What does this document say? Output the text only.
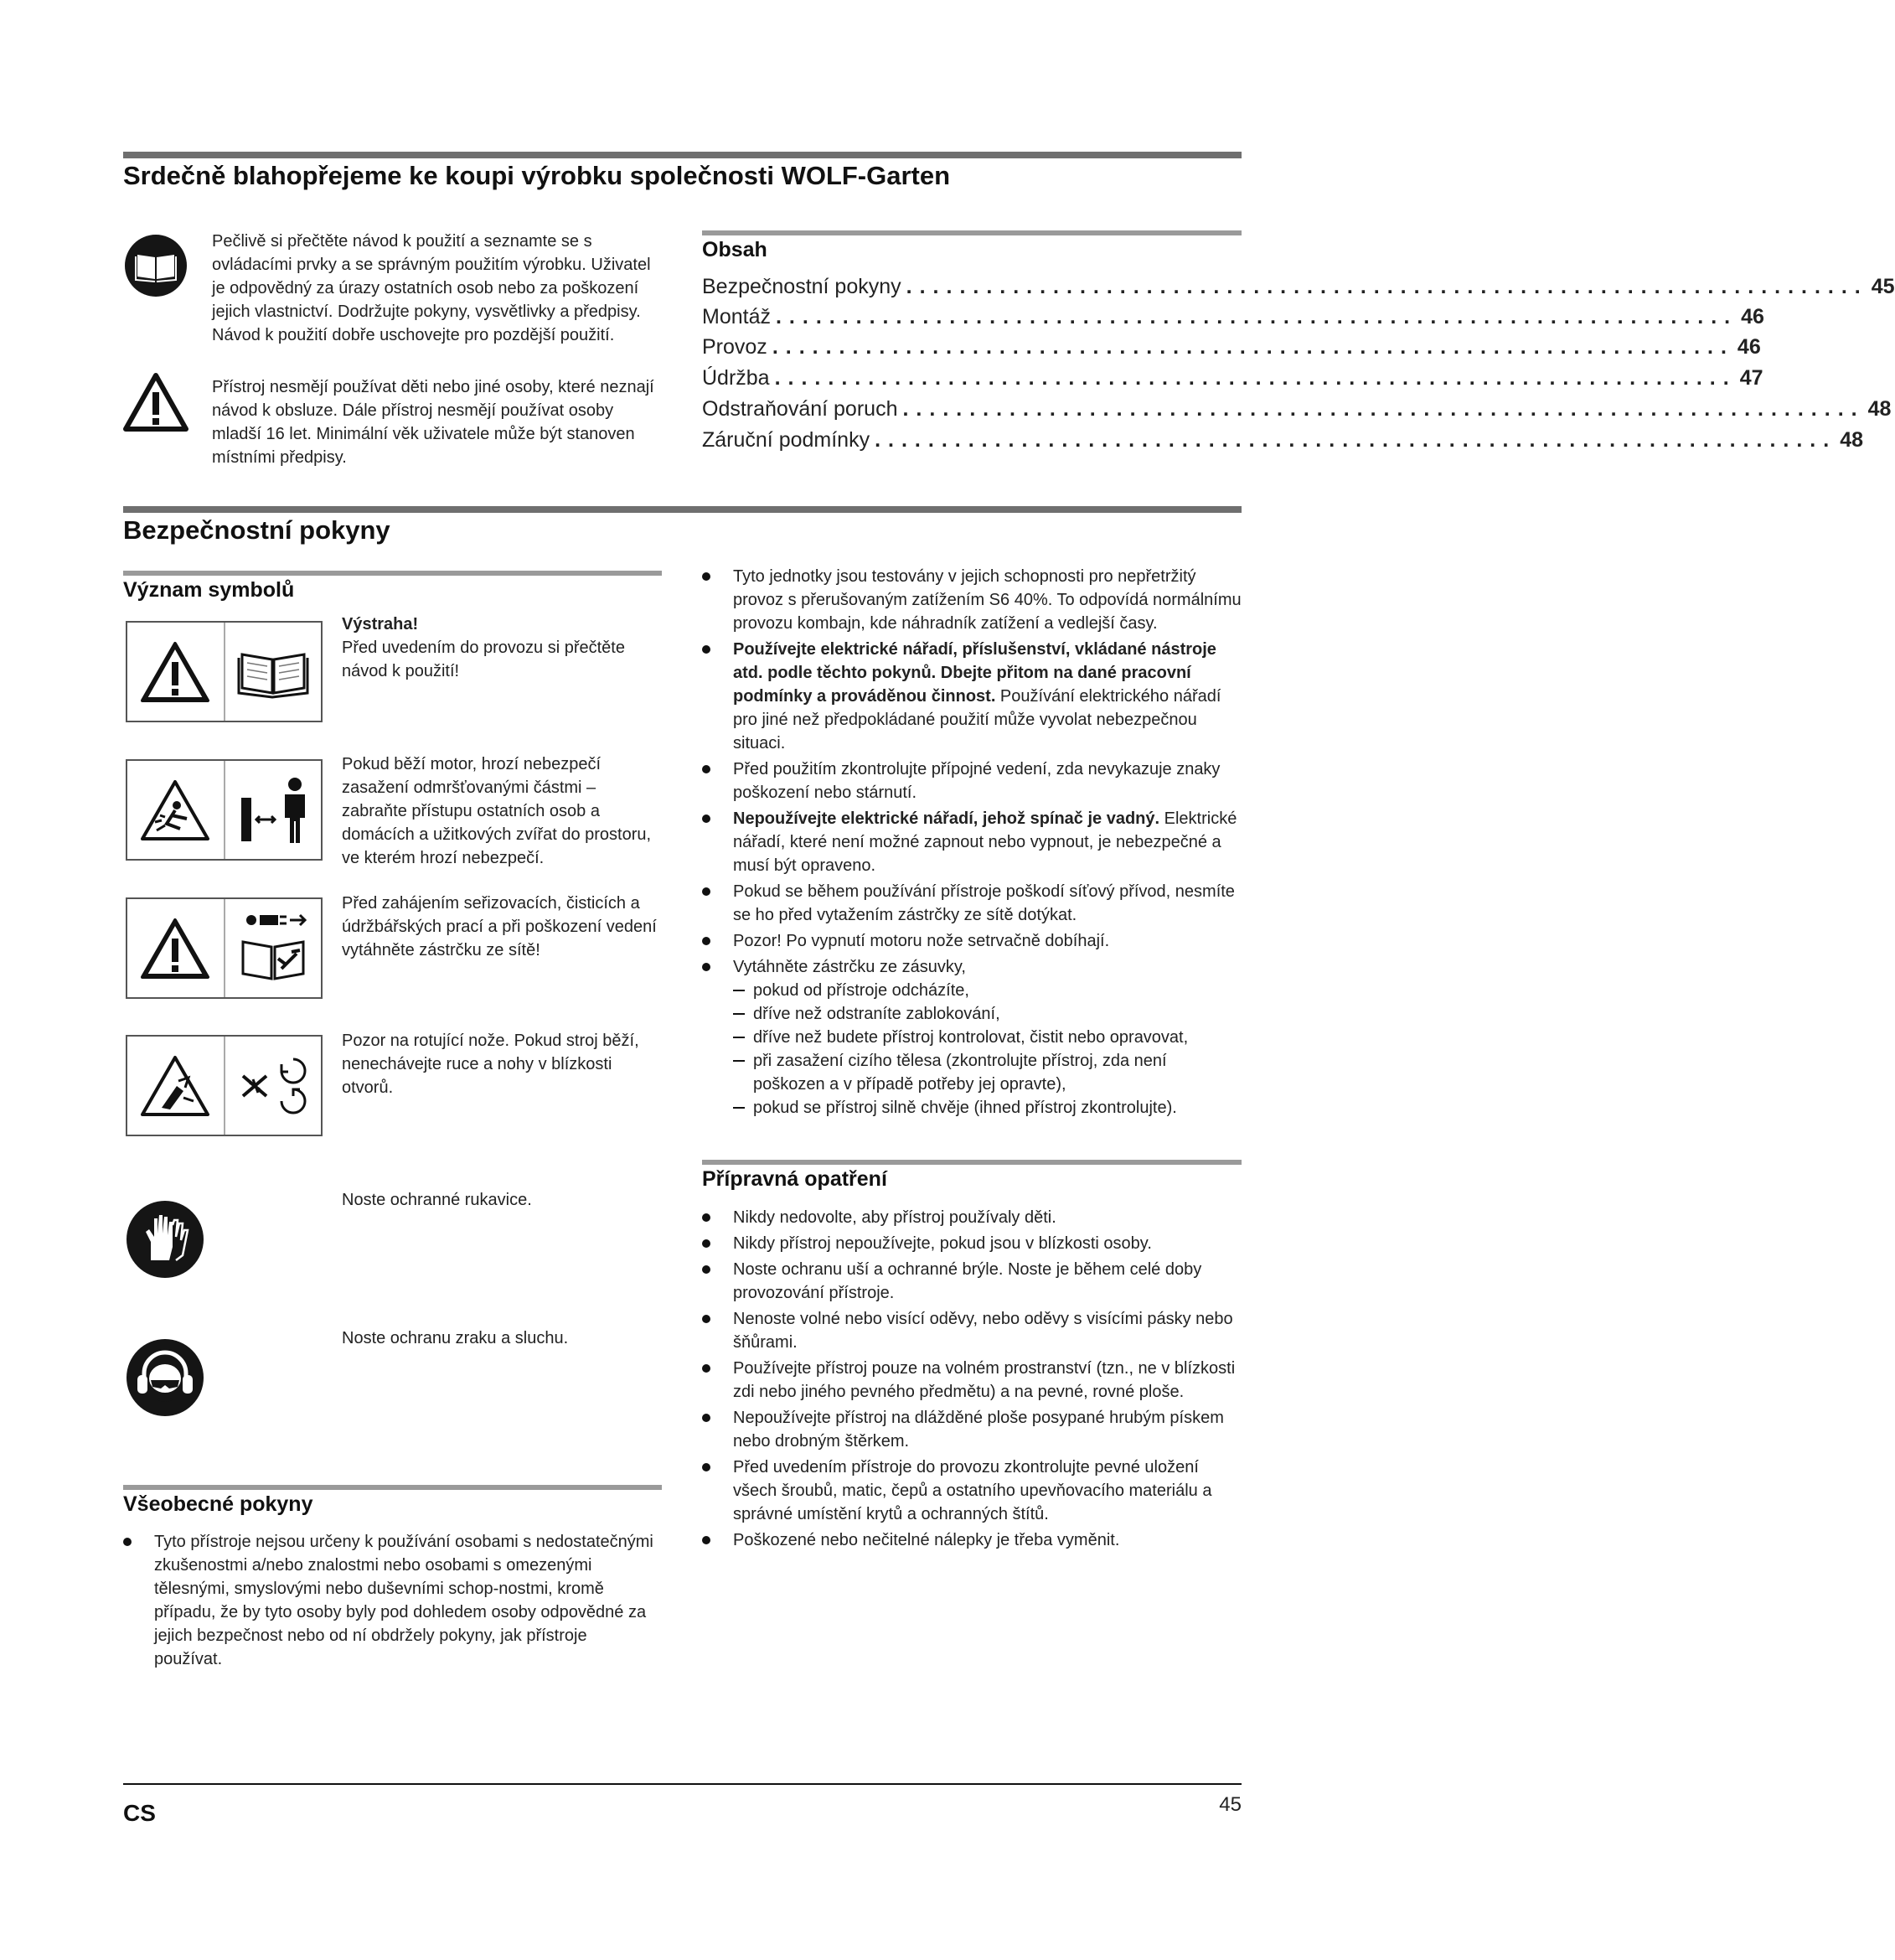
Srdečně blahopřejeme ke koupi výrobku společnosti WOLF-Garten
Pečlivě si přečtěte návod k použití a seznamte se s ovládacími prvky a se správným použitím výrobku. Uživatel je odpovědný za úrazy ostatních osob nebo za poškození jejich vlastnictví. Dodržujte pokyny, vysvětlivky a předpisy. Návod k použití dobře uschovejte pro pozdější použití.
Přístroj nesmějí používat děti nebo jiné osoby, které neznají návod k obsluze. Dále přístroj nesmějí používat osoby mladší 16 let. Minimální věk uživatele může být stanoven místními předpisy.
Obsah
Bezpečnostní pokyny ........................................................................ 45
Montáž ........................................................................ 46
Provoz ........................................................................ 46
Údržba ........................................................................ 47
Odstraňování poruch ........................................................................ 48
Záruční podmínky ........................................................................ 48
Bezpečnostní pokyny
Význam symbolů
Výstraha!
Před uvedením do provozu si přečtěte návod k použití!
Pokud běží motor, hrozí nebezpečí zasažení odmršťovanými částmi – zabraňte přístupu ostatních osob a domácích a užitkových zvířat do prostoru, ve kterém hrozí nebezpečí.
Před zahájením seřizovacích, čisticích a údržbářských prací a při poškození vedení vytáhněte zástrčku ze sítě!
Pozor na rotující nože. Pokud stroj běží, nenechávejte ruce a nohy v blízkosti otvorů.
Noste ochranné rukavice.
Noste ochranu zraku a sluchu.
Všeobecné pokyny
Tyto přístroje nejsou určeny k používání osobami s nedostatečnými zkušenostmi a/nebo znalostmi nebo osobami s omezenými tělesnými, smyslovými nebo duševními schop-nostmi, kromě případu, že by tyto osoby byly pod dohledem osoby odpovědné za jejich bezpečnost nebo od ní obdržely pokyny, jak přístroje používat.
Tyto jednotky jsou testovány v jejich schopnosti pro nepřetržitý provoz s přerušovaným zatížením S6 40%. To odpovídá normálnímu provozu kombajn, kde náhradník zatížení a vedlejší časy.
Používejte elektrické nářadí, příslušenství, vkládané nástroje atd. podle těchto pokynů. Dbejte přitom na dané pracovní podmínky a prováděnou činnost. Používání elektrického nářadí pro jiné než předpokládané použití může vyvolat nebezpečnou situaci.
Před použitím zkontrolujte přípojné vedení, zda nevykazuje znaky poškození nebo stárnutí.
Nepoužívejte elektrické nářadí, jehož spínač je vadný. Elektrické nářadí, které není možné zapnout nebo vypnout, je nebezpečné a musí být opraveno.
Pokud se během používání přístroje poškodí síťový přívod, nesmíte se ho před vytažením zástrčky ze sítě dotýkat.
Pozor! Po vypnutí motoru nože setrvačně dobíhají.
Vytáhněte zástrčku ze zásuvky,
pokud od přístroje odcházíte,
dříve než odstraníte zablokování,
dříve než budete přístroj kontrolovat, čistit nebo opravovat,
při zasažení cizího tělesa (zkontrolujte přístroj, zda není poškozen a v případě potřeby jej opravte),
pokud se přístroj silně chvěje (ihned přístroj zkontrolujte).
Přípravná opatření
Nikdy nedovolte, aby přístroj používaly děti.
Nikdy přístroj nepoužívejte, pokud jsou v blízkosti osoby.
Noste ochranu uší a ochranné brýle. Noste je během celé doby provozování přístroje.
Nenoste volné nebo visící oděvy, nebo oděvy s visícími pásky nebo šňůrami.
Používejte přístroj pouze na volném prostranství (tzn., ne v blízkosti zdi nebo jiného pevného předmětu) a na pevné, rovné ploše.
Nepoužívejte přístroj na dlážděné ploše posypané hrubým pískem nebo drobným štěrkem.
Před uvedením přístroje do provozu zkontrolujte pevné uložení všech šroubů, matic, čepů a ostatního upevňovacího materiálu a správné umístění krytů a ochranných štítů.
Poškozené nebo nečitelné nálepky je třeba vyměnit.
CS	45
